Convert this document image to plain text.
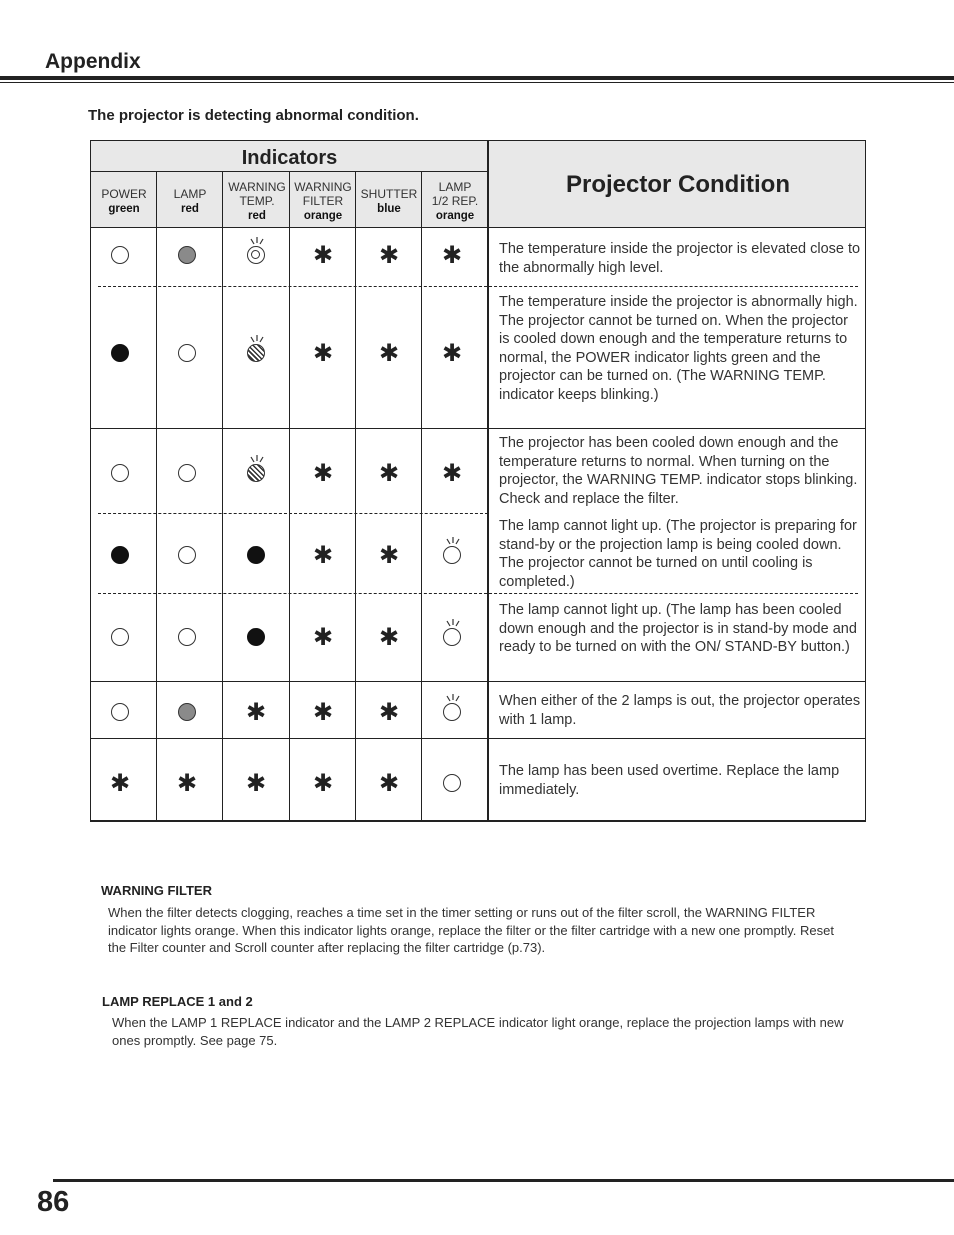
Appendix
The projector is detecting abnormal condition.
Indicators
Projector Condition
POWER
green
LAMP
red
WARNING TEMP.
red
WARNING FILTER
orange
SHUTTER
blue
LAMP 1/2 REP.
orange
✱ ✱ ✱
✱ ✱ ✱
✱ ✱ ✱
✱ ✱
✱ ✱
✱ ✱ ✱
✱ ✱ ✱ ✱ ✱
The temperature inside the projector is elevated close to the abnormally high level.
The temperature inside the projector is abnormally high. The projector cannot be turned on. When the projector is cooled down enough and the temperature returns to normal, the POWER indicator lights green and the projector can be turned on. (The WARNING TEMP. indicator keeps blinking.)
The projector has been cooled down enough and the temperature returns to normal. When turning on the projector, the WARNING TEMP. indicator stops blinking. Check and replace the filter.
The lamp cannot light up. (The projector is preparing for stand-by or the projection lamp is being cooled down. The projector cannot be turned on until cooling is completed.)
The lamp cannot light up. (The lamp has been cooled down enough and the projector is in stand-by mode and ready to be turned on with the ON/ STAND-BY button.)
When either of the 2 lamps is out, the projector operates with 1 lamp.
The lamp has been used overtime. Replace the lamp immediately.
WARNING FILTER
When the filter detects clogging, reaches a time set in the timer setting or runs out of the filter scroll, the WARNING FILTER indicator lights orange. When this indicator lights orange, replace the filter or the filter cartridge with a new one promptly. Reset the Filter counter and Scroll counter after replacing the filter cartridge (p.73).
LAMP REPLACE 1 and 2
When the LAMP 1 REPLACE indicator and the LAMP 2 REPLACE indicator light orange, replace the projection lamps with new ones promptly. See page 75.
86
